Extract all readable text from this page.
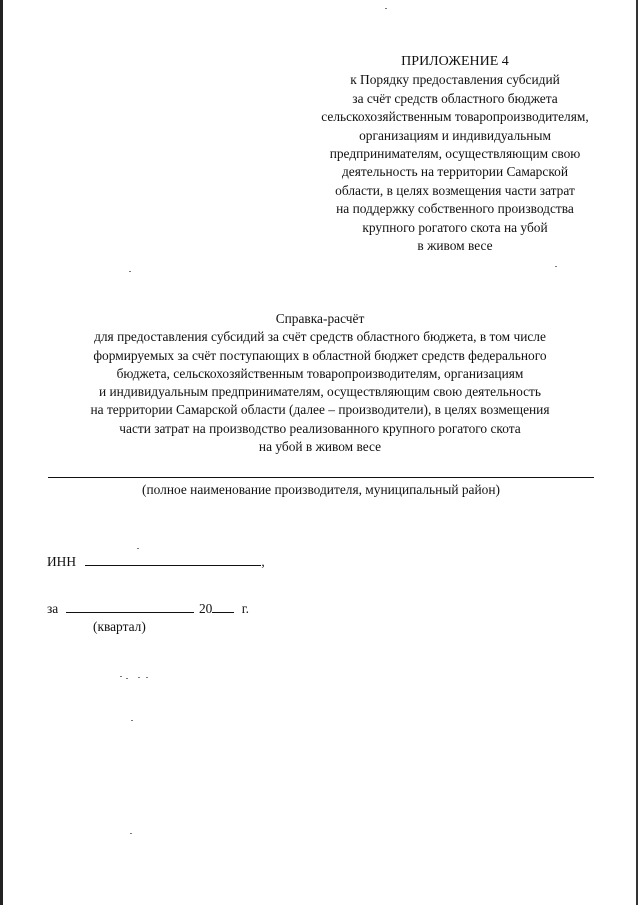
ПРИЛОЖЕНИЕ 4
к Порядку предоставления субсидий
за счёт средств областного бюджета
сельскохозяйственным товаропроизводителям,
организациям и индивидуальным
предпринимателям, осуществляющим свою
деятельность на территории Самарской
области, в целях возмещения части затрат
на поддержку собственного производства
крупного рогатого скота на убой
в живом весе
Справка-расчёт
для предоставления субсидий за счёт средств областного бюджета, в том числе
формируемых за счёт поступающих в областной бюджет средств федерального
бюджета, сельскохозяйственным товаропроизводителям, организациям
и индивидуальным предпринимателям, осуществляющим свою деятельность
на территории Самарской области (далее – производители), в целях возмещения
части затрат на производство реализованного крупного рогатого скота
на убой в живом весе
(полное наименование производителя, муниципальный район)
ИНН	,
за	20 г.
(квартал)
